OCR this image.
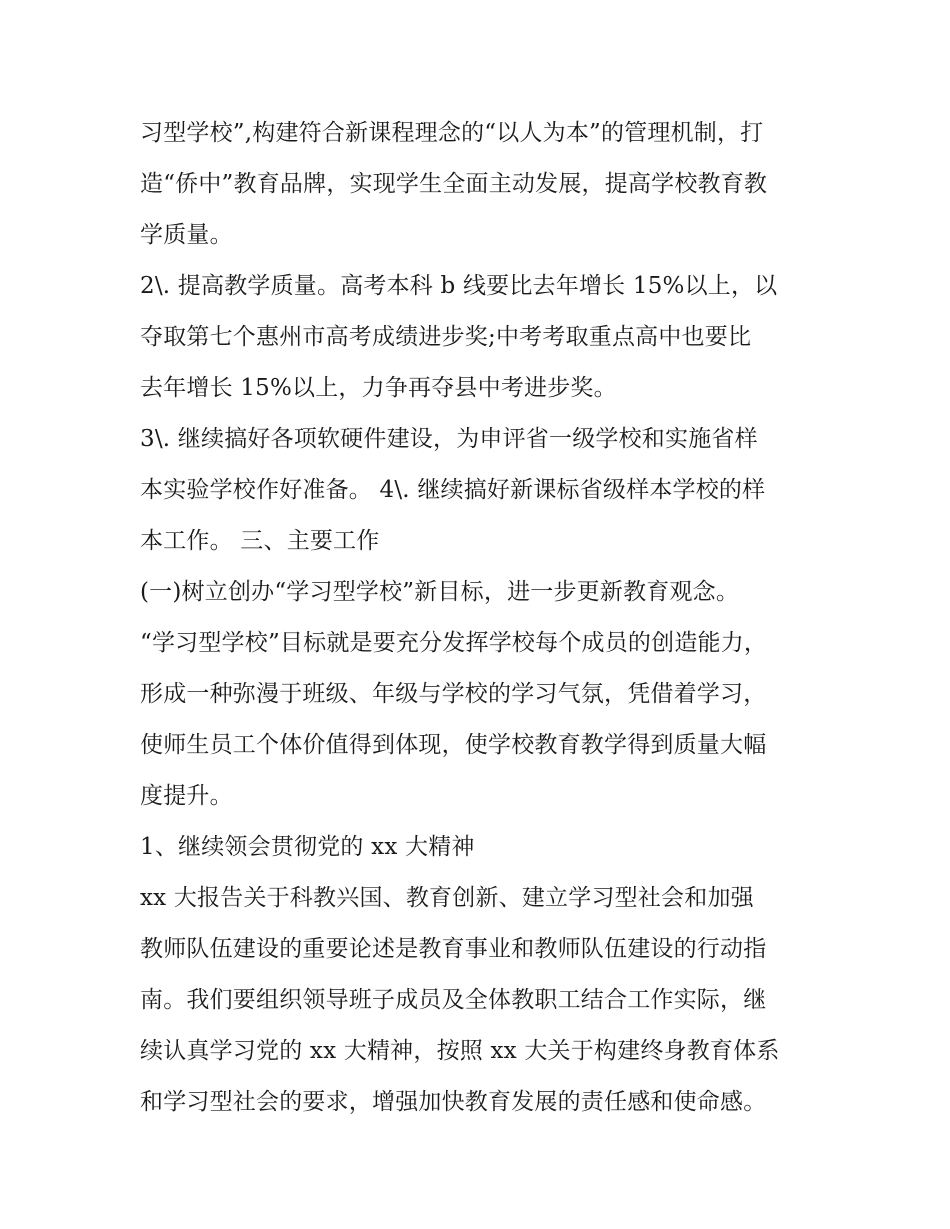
习型学校”,构建符合新课程理念的“以人为本”的管理机制，打
造“侨中”教育品牌，实现学生全面主动发展，提高学校教育教
学质量。
2\. 提高教学质量。高考本科 b 线要比去年增长 15%以上，以
夺取第七个惠州市高考成绩进步奖;中考考取重点高中也要比
去年增长 15%以上，力争再夺县中考进步奖。
3\. 继续搞好各项软硬件建设，为申评省一级学校和实施省样
本实验学校作好准备。 4\. 继续搞好新课标省级样本学校的样
本工作。 三、主要工作
(一)树立创办“学习型学校”新目标，进一步更新教育观念。
“学习型学校”目标就是要充分发挥学校每个成员的创造能力，
形成一种弥漫于班级、年级与学校的学习气氛，凭借着学习，
使师生员工个体价值得到体现，使学校教育教学得到质量大幅
度提升。
1、继续领会贯彻党的 xx 大精神
xx 大报告关于科教兴国、教育创新、建立学习型社会和加强
教师队伍建设的重要论述是教育事业和教师队伍建设的行动指
南。我们要组织领导班子成员及全体教职工结合工作实际，继
续认真学习党的 xx 大精神，按照 xx 大关于构建终身教育体系
和学习型社会的要求，增强加快教育发展的责任感和使命感。
